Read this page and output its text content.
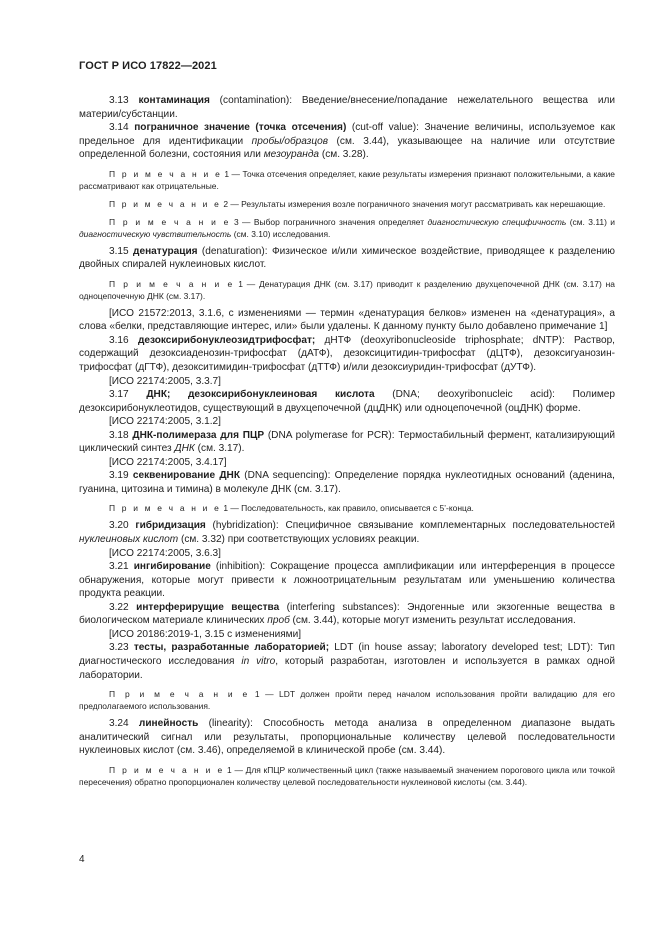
ГОСТ Р ИСО 17822—2021

3.13 контаминация (contamination): Введение/внесение/попадание нежелательного вещества или материи/субстанции.

3.14 пограничное значение (точка отсечения) (cut-off value): Значение величины, используемое как предельное для идентификации пробы/образцов (см. 3.44), указывающее на наличие или отсутствие определенной болезни, состояния или мезоуранда (см. 3.28).

П р и м е ч а н и е 1 — Точка отсечения определяет, какие результаты измерения признают положительными, а какие рассматривают как отрицательные.

П р и м е ч а н и е 2 — Результаты измерения возле пограничного значения могут рассматривать как нерешающие.

П р и м е ч а н и е 3 — Выбор пограничного значения определяет диагностическую специфичность (см. 3.11) и диагностическую чувствительность (см. 3.10) исследования.

3.15 денатурация (denaturation): Физическое и/или химическое воздействие, приводящее к разделению двойных спиралей нуклеиновых кислот.

П р и м е ч а н и е 1 — Денатурация ДНК (см. 3.17) приводит к разделению двухцепочечной ДНК (см. 3.17) на одноцепочечную ДНК (см. 3.17).

[ИСО 21572:2013, 3.1.6, с изменениями — термин «денатурация белков» изменен на «денатурация», а слова «белки, представляющие интерес, или» были удалены. К данному пункту было добавлено примечание 1]

3.16 дезоксирибонуклеозидтрифосфат; дНТФ (deoxyribonucleoside triphosphate; dNTP): Раствор, содержащий дезоксиаденозин-трифосфат (дАТФ), дезоксицитидин-трифосфат (дЦТФ), дезоксигуанозин-трифосфат (дГТФ), дезокситимидин-трифосфат (дТТФ) и/или дезоксиуридин-трифосфат (дУТФ).

[ИСО 22174:2005, 3.3.7]

3.17 ДНК; дезоксирибонуклеиновая кислота (DNA; deoxyribonucleic acid): Полимер дезоксирибонуклеотидов, существующий в двухцепочечной (дцДНК) или одноцепочечной (оцДНК) форме.

[ИСО 22174:2005, 3.1.2]

3.18 ДНК-полимераза для ПЦР (DNA polymerase for PCR): Термостабильный фермент, катализирующий циклический синтез ДНК (см. 3.17).

[ИСО 22174:2005, 3.4.17]

3.19 секвенирование ДНК (DNA sequencing): Определение порядка нуклеотидных оснований (аденина, гуанина, цитозина и тимина) в молекуле ДНК (см. 3.17).

П р и м е ч а н и е 1 — Последовательность, как правило, описывается с 5’-конца.

3.20 гибридизация (hybridization): Специфичное связывание комплементарных последовательностей нуклеиновых кислот (см. 3.32) при соответствующих условиях реакции.

[ИСО 22174:2005, 3.6.3]

3.21 ингибирование (inhibition): Сокращение процесса амплификации или интерференция в процессе обнаружения, которые могут привести к ложноотрицательным результатам или уменьшению количества продукта реакции.

3.22 интерферирущие вещества (interfering substances): Эндогенные или экзогенные вещества в биологическом материале клинических проб (см. 3.44), которые могут изменить результат исследования.

[ИСО 20186:2019-1, 3.15 с изменениями]

3.23 тесты, разработанные лабораторией; LDT (in house assay; laboratory developed test; LDT): Тип диагностического исследования in vitro, который разработан, изготовлен и используется в рамках одной лаборатории.

П р и м е ч а н и е 1 — LDT должен пройти перед началом использования пройти валидацию для его предполагаемого использования.

3.24 линейность (linearity): Способность метода анализа в определенном диапазоне выдать аналитический сигнал или результаты, пропорциональные количеству целевой последовательности нуклеиновых кислот (см. 3.46), определяемой в клинической пробе (см. 3.44).

П р и м е ч а н и е 1 — Для кПЦР количественный цикл (также называемый значением порогового цикла или точкой пересечения) обратно пропорционален количеству целевой последовательности нуклеиновой кислоты (см. 3.44).

4
